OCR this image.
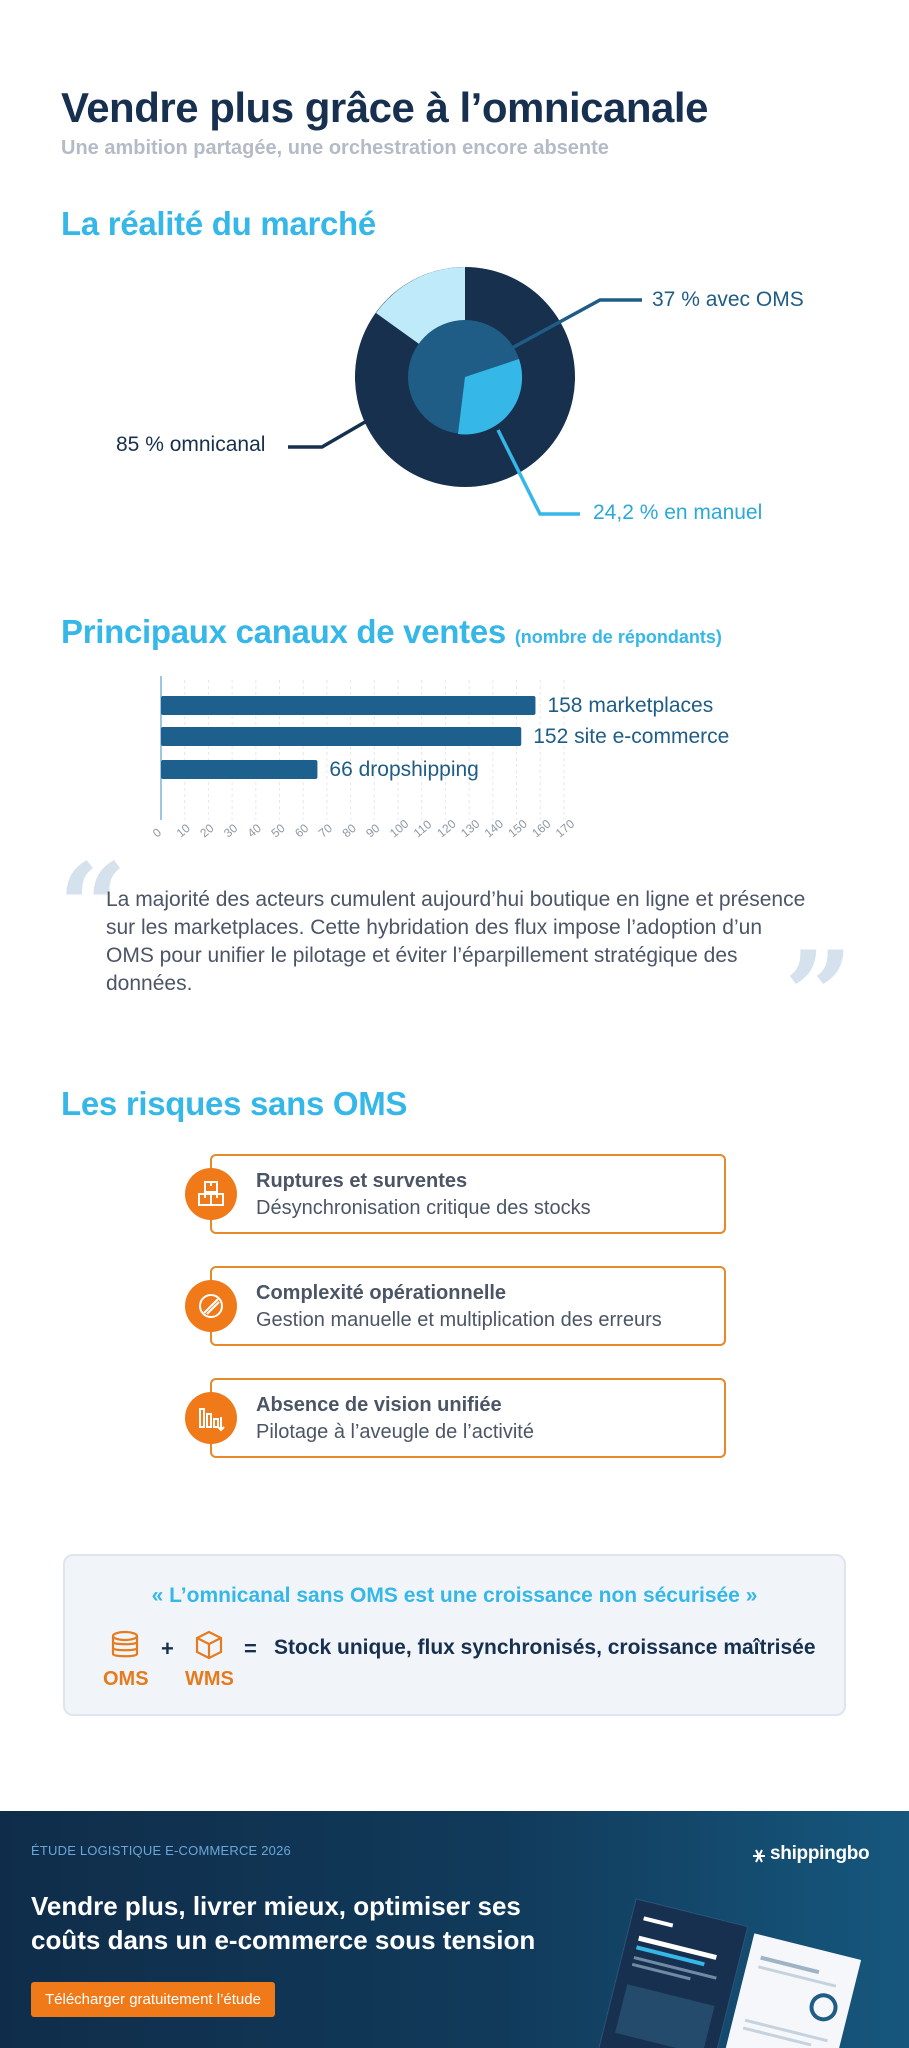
Vendre plus grâce à l’omnicanale
Une ambition partagée, une orchestration encore absente
La réalité du marché
37 % avec OMS
85 % omnicanal
24,2 % en manuel
Principaux canaux de ventes (nombre de répondants)
0 10 20 30 40 50 60 70 80 90 100 110 120 130 140 150 160 170
158 marketplaces
152 site e-commerce
66 dropshipping
“
La majorité des acteurs cumulent aujourd’hui boutique en ligne et présence sur les marketplaces. Cette hybridation des flux impose l’adoption d’un OMS pour unifier le pilotage et éviter l’éparpillement stratégique des données.	”
Les risques sans OMS
Ruptures et surventes
Désynchronisation critique des stocks
Complexité opérationnelle
Gestion manuelle et multiplication des erreurs
Absence de vision unifiée
Pilotage à l’aveugle de l’activité
« L’omnicanal sans OMS est une croissance non sécurisée »
OMS
+
WMS
= Stock unique, flux synchronisés, croissance maîtrisée
ÉTUDE LOGISTIQUE E-COMMERCE 2026
Vendre plus, livrer mieux, optimiser ses coûts dans un e-commerce sous tension
Télécharger gratuitement l’étude
shippingbo
